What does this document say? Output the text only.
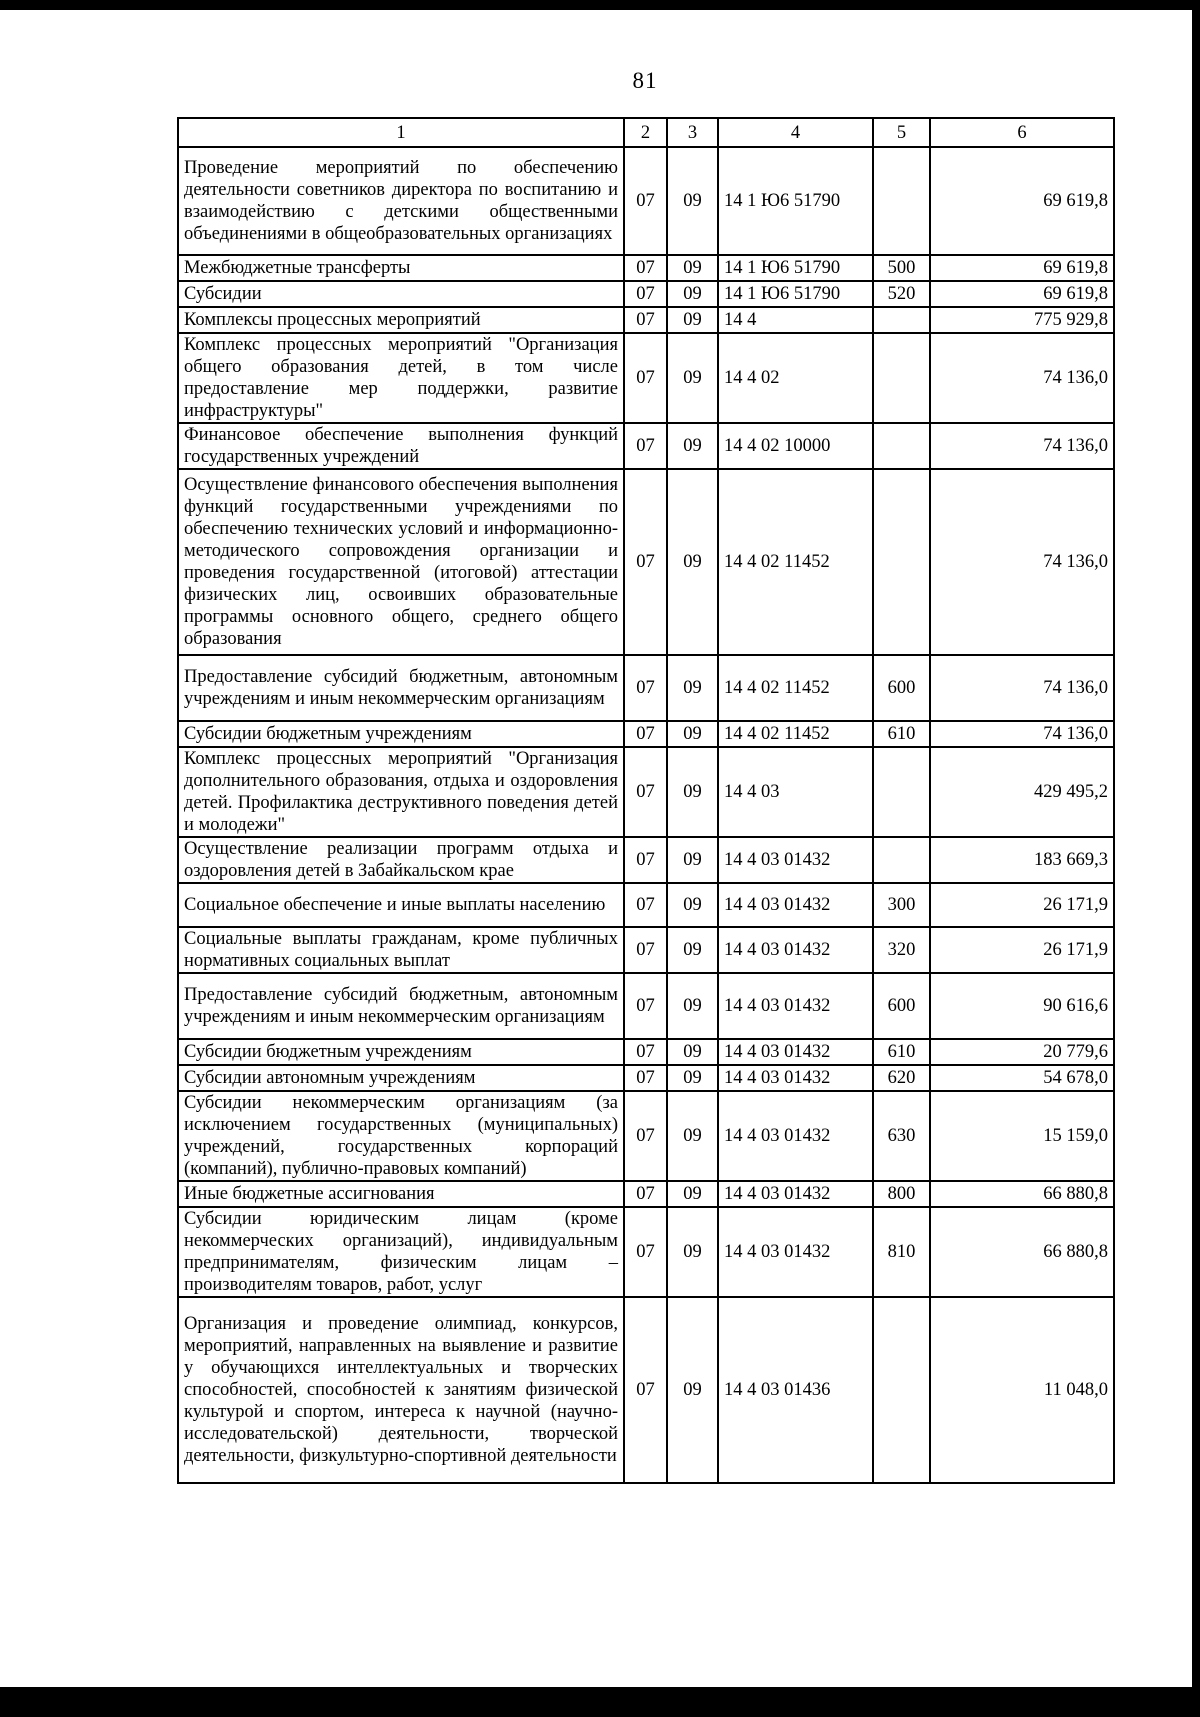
81
1	2	3	4	5	6
Проведение мероприятий по обеспечению деятельности советников директора по воспитанию и взаимодействию с детскими общественными объединениями в общеобразовательных организациях	07	09	14 1 Ю6 51790		69 619,8
Межбюджетные трансферты	07	09	14 1 Ю6 51790	500	69 619,8
Субсидии	07	09	14 1 Ю6 51790	520	69 619,8
Комплексы процессных мероприятий	07	09	14 4		775 929,8
Комплекс процессных мероприятий "Организация общего образования детей, в том числе предоставление мер поддержки, развитие инфраструктуры"	07	09	14 4 02		74 136,0
Финансовое обеспечение выполнения функций государственных учреждений	07	09	14 4 02 10000		74 136,0
Осуществление финансового обеспечения выполнения функций государственными учреждениями по обеспечению технических условий и информационно-методического сопровождения организации и проведения государственной (итоговой) аттестации физических лиц, освоивших образовательные программы основного общего, среднего общего образования	07	09	14 4 02 11452		74 136,0
Предоставление субсидий бюджетным, автономным учреждениям и иным некоммерческим организациям	07	09	14 4 02 11452	600	74 136,0
Субсидии бюджетным учреждениям	07	09	14 4 02 11452	610	74 136,0
Комплекс процессных мероприятий "Организация дополнительного образования, отдыха и оздоровления детей. Профилактика деструктивного поведения детей и молодежи"	07	09	14 4 03		429 495,2
Осуществление реализации программ отдыха и оздоровления детей в Забайкальском крае	07	09	14 4 03 01432		183 669,3
Социальное обеспечение и иные выплаты населению	07	09	14 4 03 01432	300	26 171,9
Социальные выплаты гражданам, кроме публичных нормативных социальных выплат	07	09	14 4 03 01432	320	26 171,9
Предоставление субсидий бюджетным, автономным учреждениям и иным некоммерческим организациям	07	09	14 4 03 01432	600	90 616,6
Субсидии бюджетным учреждениям	07	09	14 4 03 01432	610	20 779,6
Субсидии автономным учреждениям	07	09	14 4 03 01432	620	54 678,0
Субсидии некоммерческим организациям (за исключением государственных (муниципальных) учреждений, государственных корпораций (компаний), публично-правовых компаний)	07	09	14 4 03 01432	630	15 159,0
Иные бюджетные ассигнования	07	09	14 4 03 01432	800	66 880,8
Субсидии юридическим лицам (кроме некоммерческих организаций), индивидуальным предпринимателям, физическим лицам – производителям товаров, работ, услуг	07	09	14 4 03 01432	810	66 880,8
Организация и проведение олимпиад, конкурсов, мероприятий, направленных на выявление и развитие у обучающихся интеллектуальных и творческих способностей, способностей к занятиям физической культурой и спортом, интереса к научной (научно-исследовательской) деятельности, творческой деятельности, физкультурно-спортивной деятельности	07	09	14 4 03 01436		11 048,0
